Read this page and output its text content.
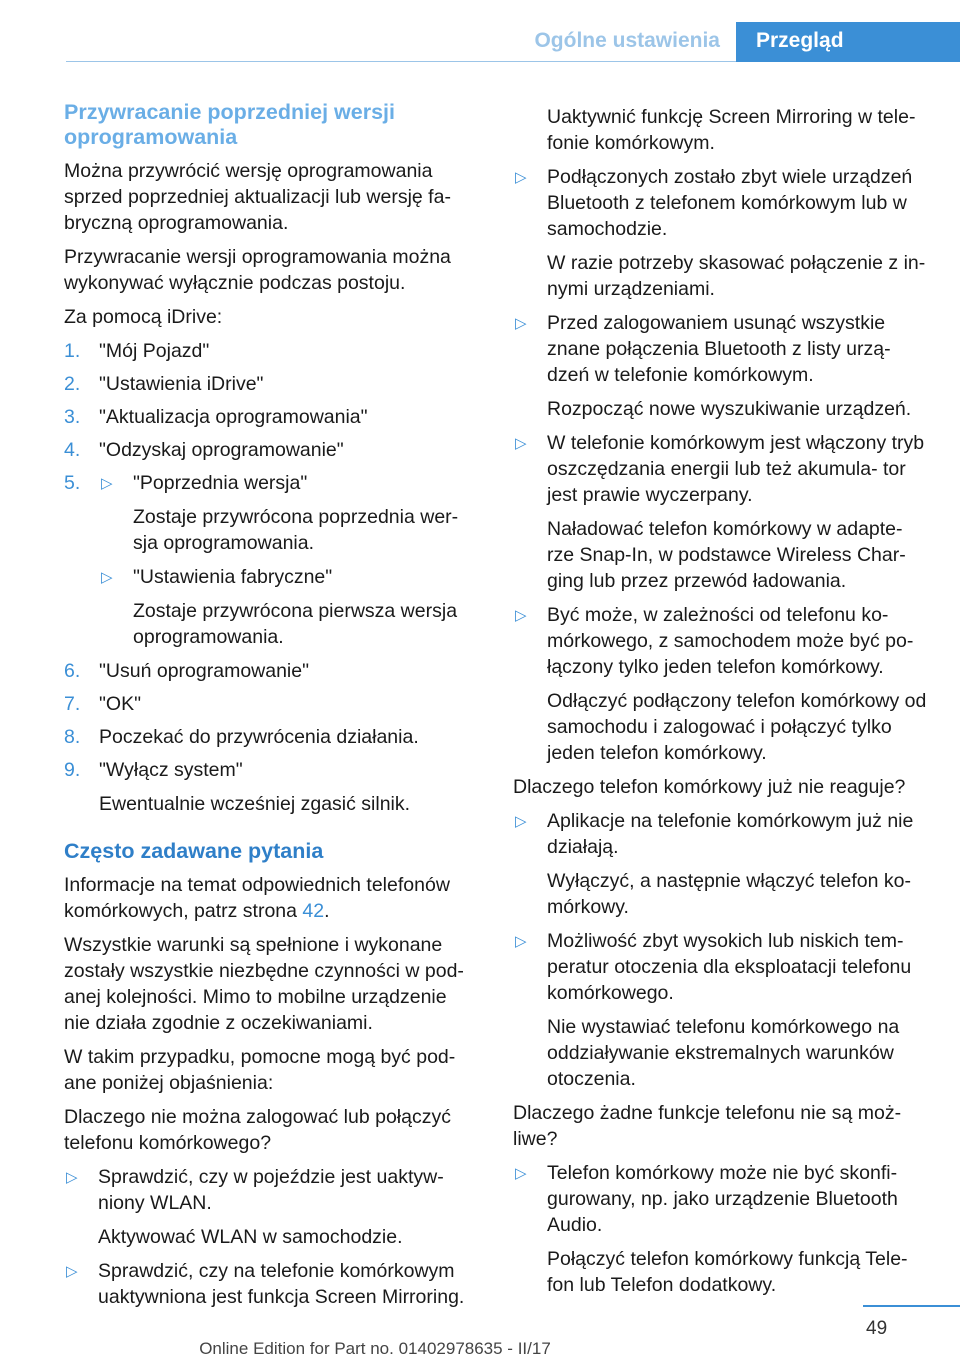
Ogólne ustawienia	Przegląd
Przywracanie poprzedniej wersji oprogramowania

Można przywrócić wersję oprogramowania sprzed poprzedniej aktualizacji lub wersję fa‐ bryczną oprogramowania.

Przywracanie wersji oprogramowania można wykonywać wyłącznie podczas postoju.

Za pomocą iDrive:

1. "Mój Pojazd"
2. "Ustawienia iDrive"
3. "Aktualizacja oprogramowania"
4. "Odzyskaj oprogramowanie"
5. ▷ "Poprzednia wersja"
Zostaje przywrócona poprzednia wer‐ sja oprogramowania.
▷ "Ustawienia fabryczne"
Zostaje przywrócona pierwsza wersja oprogramowania.
6. "Usuń oprogramowanie"
7. "OK"
8. Poczekać do przywrócenia działania.
9. "Wyłącz system"
Ewentualnie wcześniej zgasić silnik.
Często zadawane pytania

Informacje na temat odpowiednich telefonów komórkowych, patrz strona 42.

Wszystkie warunki są spełnione i wykonane zostały wszystkie niezbędne czynności w pod‐ anej kolejności. Mimo to mobilne urządzenie nie działa zgodnie z oczekiwaniami.

W takim przypadku, pomocne mogą być pod‐ ane poniżej objaśnienia:

Dlaczego nie można zalogować lub połączyć telefonu komórkowego?

▷ Sprawdzić, czy w pojeździe jest uaktyw‐ niony WLAN.
Aktywować WLAN w samochodzie.
▷ Sprawdzić, czy na telefonie komórkowym uaktywniona jest funkcja Screen Mirroring.

Uaktywnić funkcję Screen Mirroring w tele‐ fonie komórkowym.

▷ Podłączonych zostało zbyt wiele urządzeń Bluetooth z telefonem komórkowym lub w samochodzie.
W razie potrzeby skasować połączenie z in‐ nymi urządzeniami.
▷ Przed zalogowaniem usunąć wszystkie znane połączenia Bluetooth z listy urzą‐ dzeń w telefonie komórkowym.
Rozpocząć nowe wyszukiwanie urządzeń.
▷ W telefonie komórkowym jest włączony tryb oszczędzania energii lub też akumula‐ tor jest prawie wyczerpany.
Naładować telefon komórkowy w adapte‐ rze Snap-In, w podstawce Wireless Char‐ ging lub przez przewód ładowania.
▷ Być może, w zależności od telefonu ko‐ mórkowego, z samochodem może być po‐ łączony tylko jeden telefon komórkowy.
Odłączyć podłączony telefon komórkowy od samochodu i zalogować i połączyć tylko jeden telefon komórkowy.

Dlaczego telefon komórkowy już nie reaguje?

▷ Aplikacje na telefonie komórkowym już nie działają.
Wyłączyć, a następnie włączyć telefon ko‐ mórkowy.
▷ Możliwość zbyt wysokich lub niskich tem‐ peratur otoczenia dla eksploatacji telefonu komórkowego.
Nie wystawiać telefonu komórkowego na oddziaływanie ekstremalnych warunków otoczenia.

Dlaczego żadne funkcje telefonu nie są moż‐ liwe?

▷ Telefon komórkowy może nie być skonfi‐ gurowany, np. jako urządzenie Bluetooth Audio.
Połączyć telefon komórkowy funkcją Tele‐ fon lub Telefon dodatkowy.
49
Online Edition for Part no. 01402978635 - II/17
